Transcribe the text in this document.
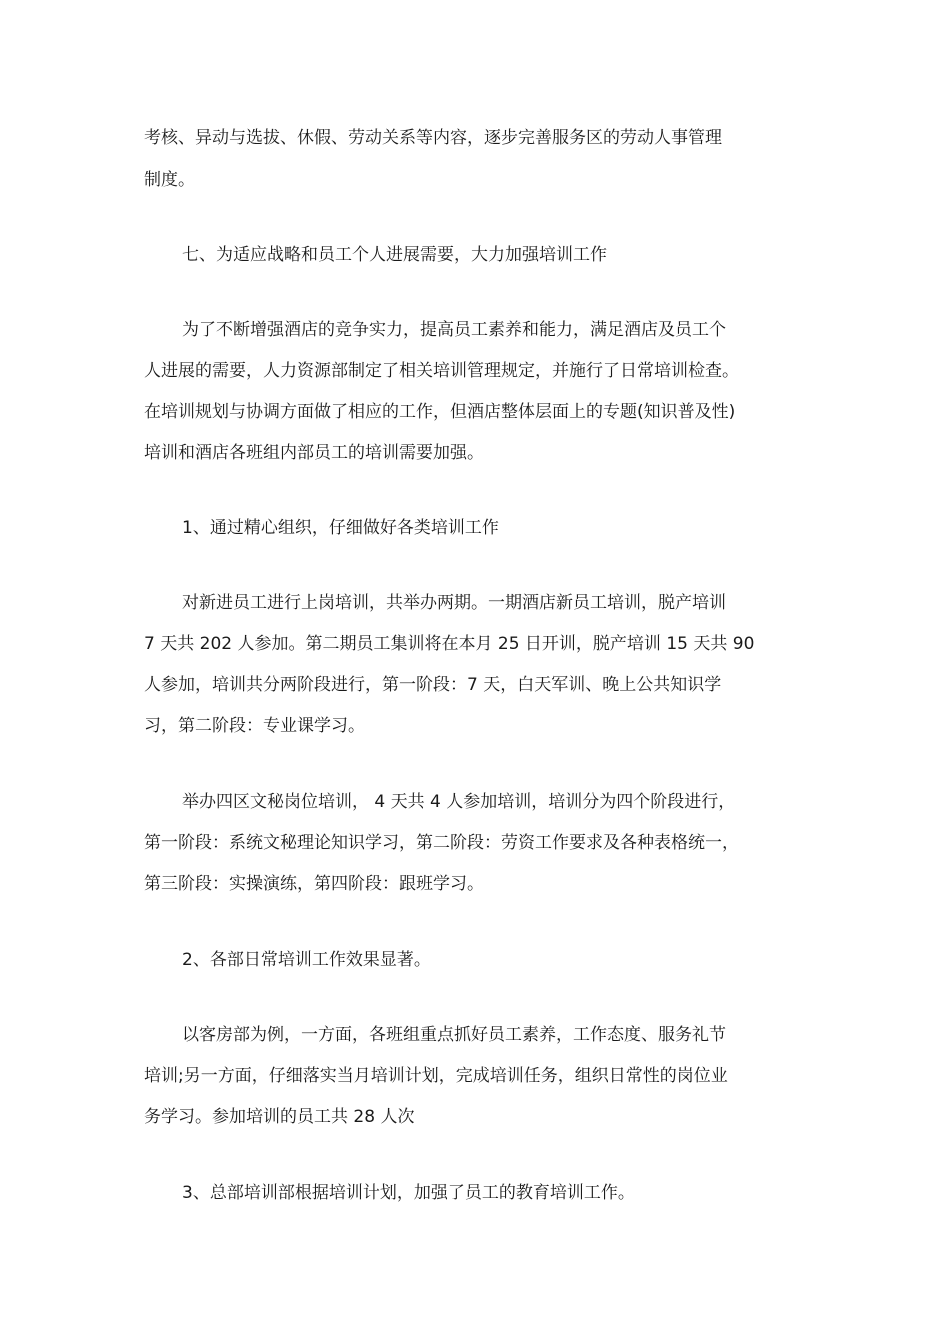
考核、异动与选拔、休假、劳动关系等内容，逐步完善服务区的劳动人事管理
制度。
七、为适应战略和员工个人进展需要，大力加强培训工作
为了不断增强酒店的竞争实力，提高员工素养和能力，满足酒店及员工个
人进展的需要，人力资源部制定了相关培训管理规定，并施行了日常培训检查。
在培训规划与协调方面做了相应的工作，但酒店整体层面上的专题(知识普及性)
培训和酒店各班组内部员工的培训需要加强。
1、通过精心组织，仔细做好各类培训工作
对新进员工进行上岗培训，共举办两期。一期酒店新员工培训，脱产培训
7 天共 202 人参加。第二期员工集训将在本月 25 日开训，脱产培训 15 天共 90
人参加，培训共分两阶段进行，第一阶段：7 天，白天军训、晚上公共知识学
习，第二阶段：专业课学习。
举办四区文秘岗位培训， 4 天共 4 人参加培训，培训分为四个阶段进行，
第一阶段：系统文秘理论知识学习，第二阶段：劳资工作要求及各种表格统一，
第三阶段：实操演练，第四阶段：跟班学习。
2、各部日常培训工作效果显著。
以客房部为例，一方面，各班组重点抓好员工素养，工作态度、服务礼节
培训;另一方面，仔细落实当月培训计划，完成培训任务，组织日常性的岗位业
务学习。参加培训的员工共 28 人次
3、总部培训部根据培训计划，加强了员工的教育培训工作。
